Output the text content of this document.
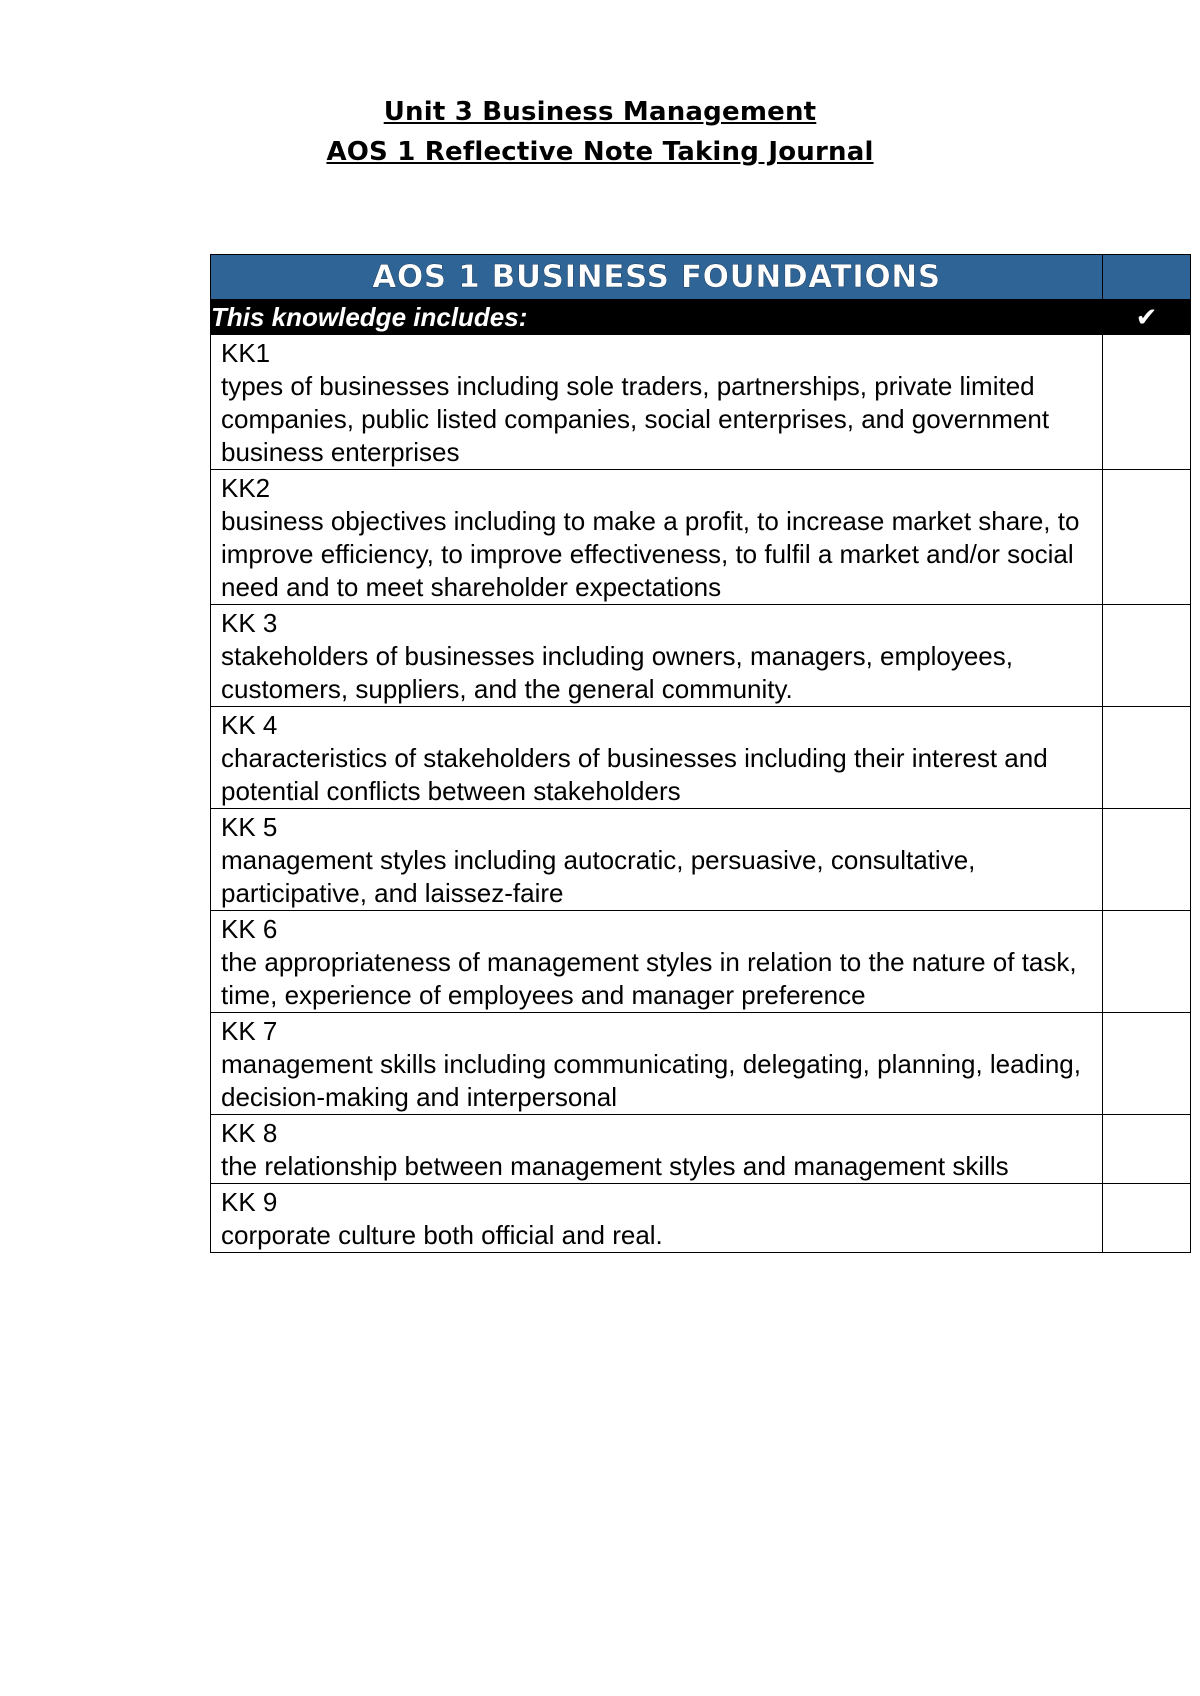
Unit 3 Business Management
AOS 1 Reflective Note Taking Journal
AOS 1 BUSINESS FOUNDATIONS	
This knowledge includes:	✔

KK1
types of businesses including sole traders, partnerships, private limited companies, public listed companies, social enterprises, and government business enterprises	

KK2
business objectives including to make a profit, to increase market share, to improve efficiency, to improve effectiveness, to fulfil a market and/or social need and to meet shareholder expectations	

KK 3
stakeholders of businesses including owners, managers, employees, customers, suppliers, and the general community.	

KK 4
characteristics of stakeholders of businesses including their interest and potential conflicts between stakeholders	

KK 5
management styles including autocratic, persuasive, consultative, participative, and laissez-faire	

KK 6
the appropriateness of management styles in relation to the nature of task, time, experience of employees and manager preference	

KK 7
management skills including communicating, delegating, planning, leading, decision-making and interpersonal	

KK 8
the relationship between management styles and management skills	

KK 9
corporate culture both official and real.	
